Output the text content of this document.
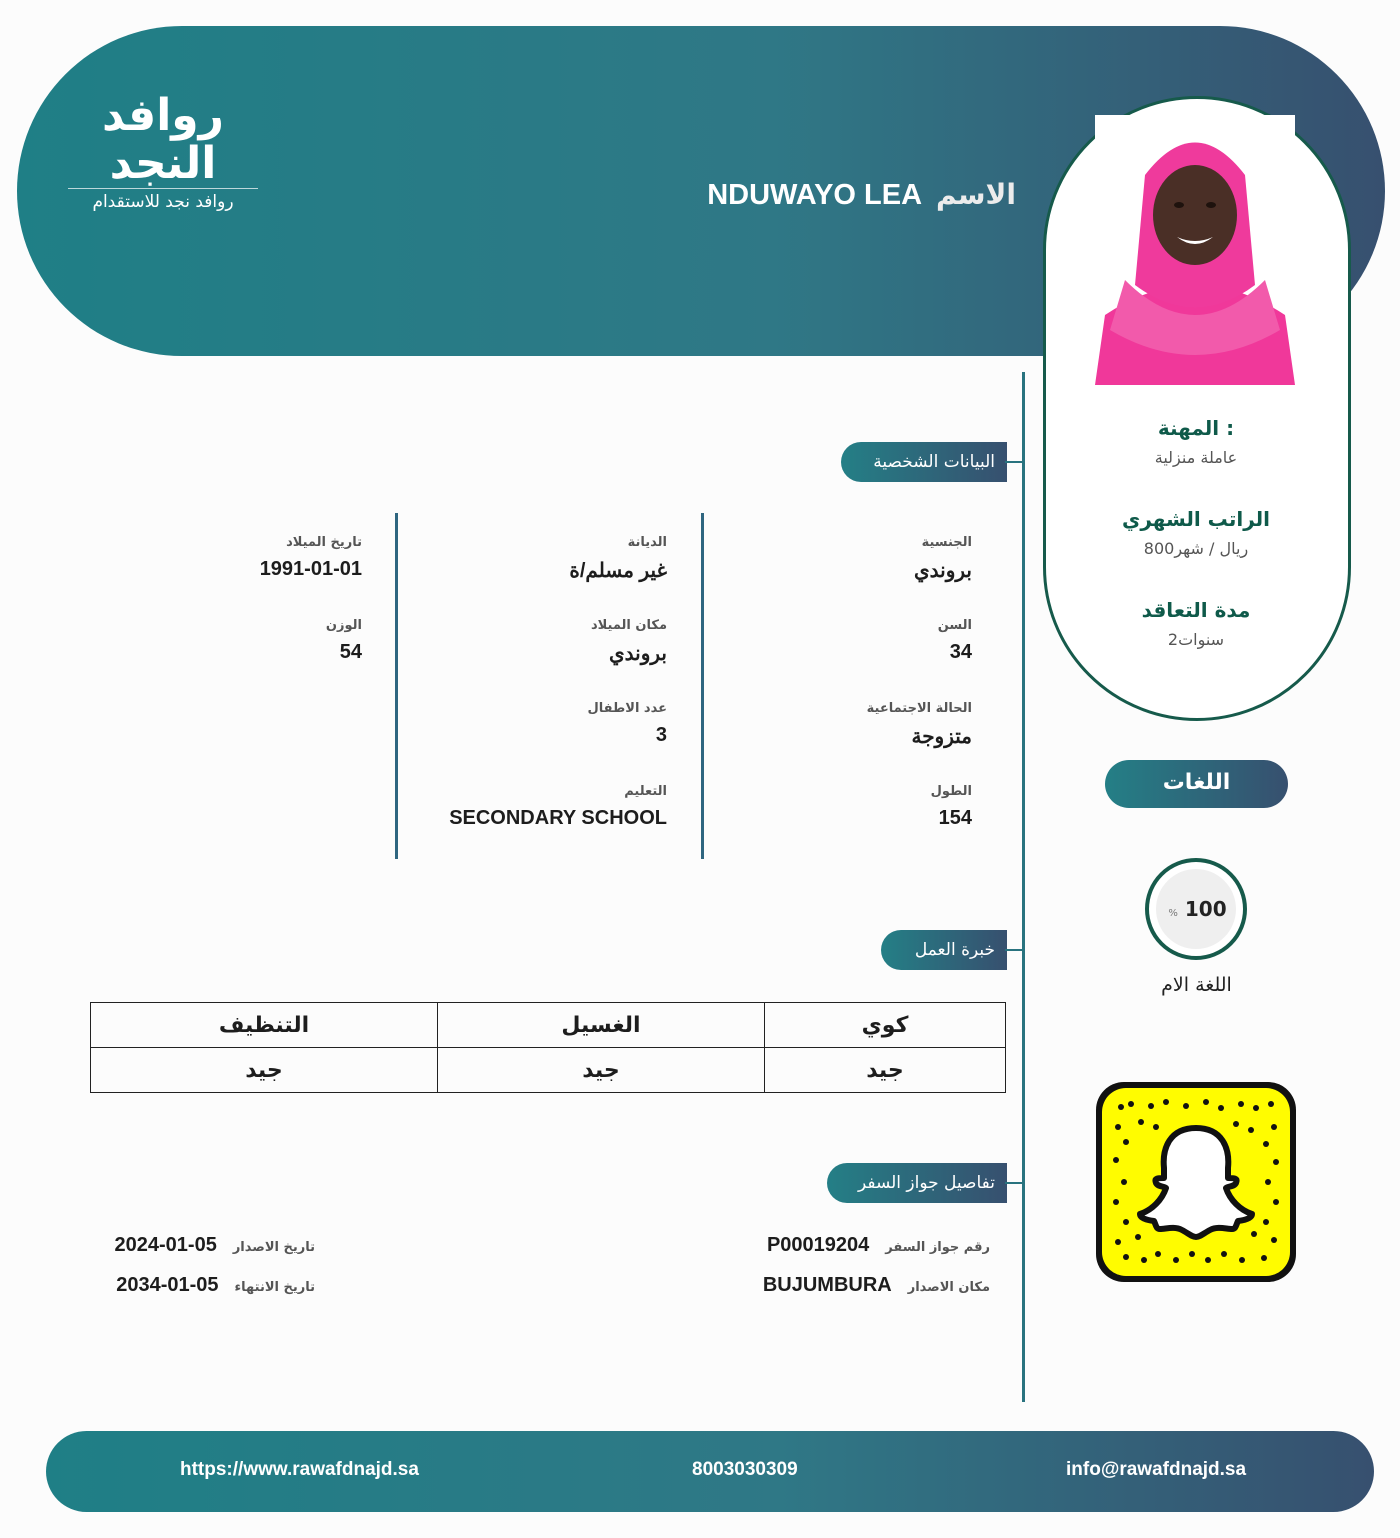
روافد النجد
روافد نجد للاستقدام	الاسمNDUWAYO LEA
المهنة :
عاملة منزلية
الراتب الشهري
800ريال / شهر
مدة التعاقد
2سنوات
اللغات
% 100
اللغة الام
البيانات الشخصية
الجنسية
بروندي
السن
34
الحالة الاجتماعية
متزوجة
الطول
154
الديانة
غير مسلم/ة
مكان الميلاد
بروندي
عدد الاطفال
3
التعليم
SECONDARY SCHOOL
تاريخ الميلاد
1991-01-01
الوزن
54
خبرة العمل
كوي	الغسيل	التنظيف
جيد	جيد	جيد
تفاصيل جواز السفر
رقم جواز السفرP00019204
مكان الاصدارBUJUMBURA
تاريخ الاصدار2024-01-05
تاريخ الانتهاء2034-01-05
https://www.rawafdnajd.sa	8003030309	info@rawafdnajd.sa
